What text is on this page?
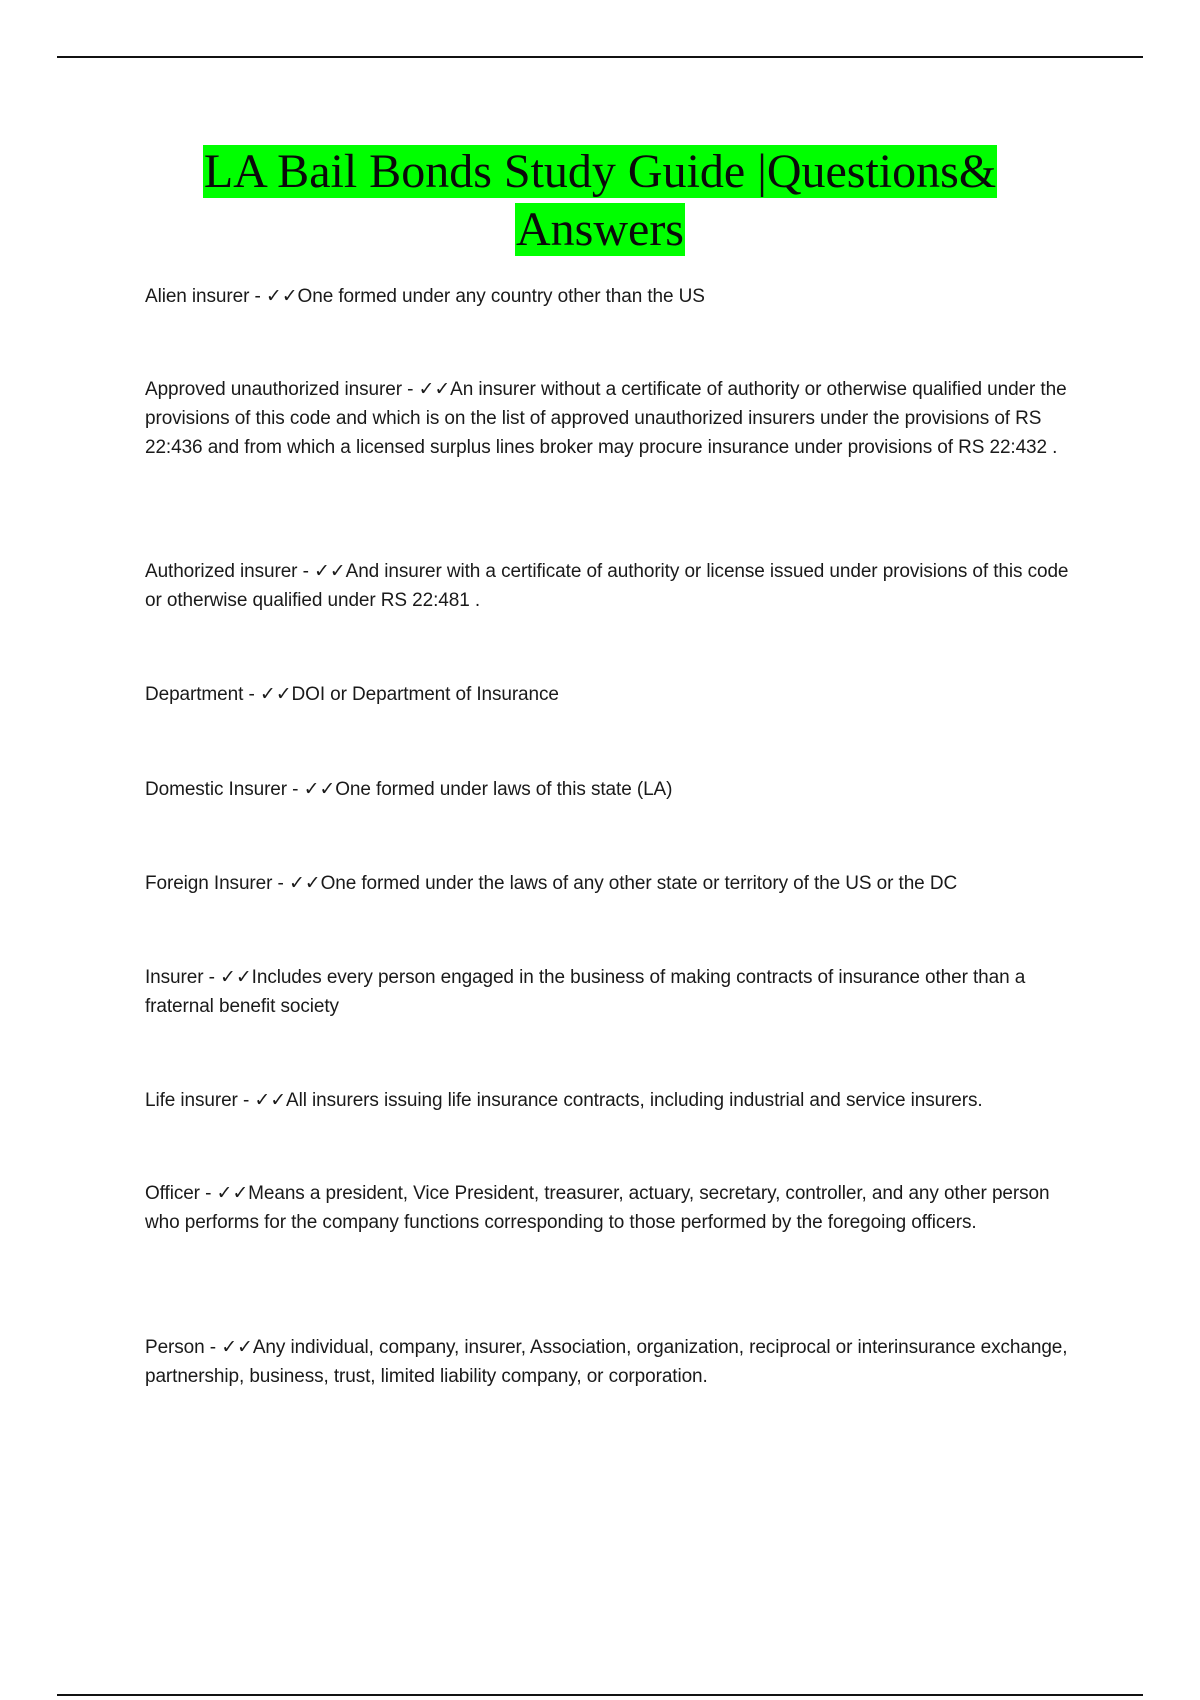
LA Bail Bonds Study Guide |Questions&
Answers
Alien insurer - ✓✓One formed under any country other than the US
Approved unauthorized insurer - ✓✓An insurer without a certificate of authority or otherwise qualified under the provisions of this code and which is on the list of approved unauthorized insurers under the provisions of RS 22:436 and from which a licensed surplus lines broker may procure insurance under provisions of RS 22:432 .
Authorized insurer - ✓✓And insurer with a certificate of authority or license issued under provisions of this code or otherwise qualified under RS 22:481 .
Department - ✓✓DOI or Department of Insurance
Domestic Insurer - ✓✓One formed under laws of this state (LA)
Foreign Insurer - ✓✓One formed under the laws of any other state or territory of the US or the DC
Insurer - ✓✓Includes every person engaged in the business of making contracts of insurance other than a fraternal benefit society
Life insurer - ✓✓All insurers issuing life insurance contracts, including industrial and service insurers.
Officer - ✓✓Means a president, Vice President, treasurer, actuary, secretary, controller, and any other person who performs for the company functions corresponding to those performed by the foregoing officers.
Person - ✓✓Any individual, company, insurer, Association, organization, reciprocal or interinsurance exchange, partnership, business, trust, limited liability company, or corporation.
